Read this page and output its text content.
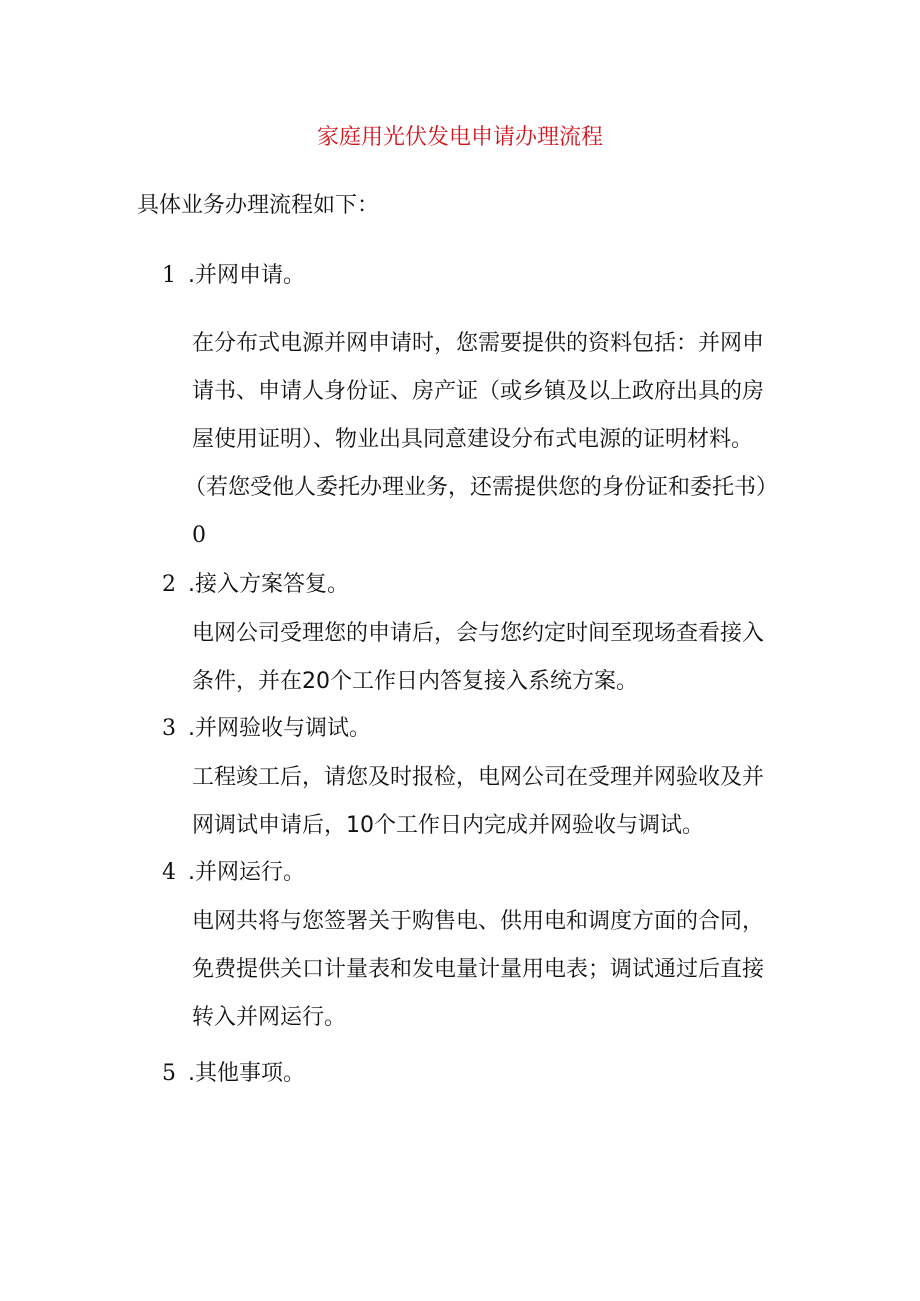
家庭用光伏发电申请办理流程
具体业务办理流程如下：
1 .并网申请。
在分布式电源并网申请时，您需要提供的资料包括：并网申
请书、申请人身份证、房产证（或乡镇及以上政府出具的房
屋使用证明）、物业出具同意建设分布式电源的证明材料。
（若您受他人委托办理业务，还需提供您的身份证和委托书）
0
2 .接入方案答复。
电网公司受理您的申请后，会与您约定时间至现场查看接入
条件，并在20个工作日内答复接入系统方案。
3 .并网验收与调试。
工程竣工后，请您及时报检，电网公司在受理并网验收及并
网调试申请后，10个工作日内完成并网验收与调试。
4 .并网运行。
电网共将与您签署关于购售电、供用电和调度方面的合同，
免费提供关口计量表和发电量计量用电表；调试通过后直接
转入并网运行。
5 .其他事项。
